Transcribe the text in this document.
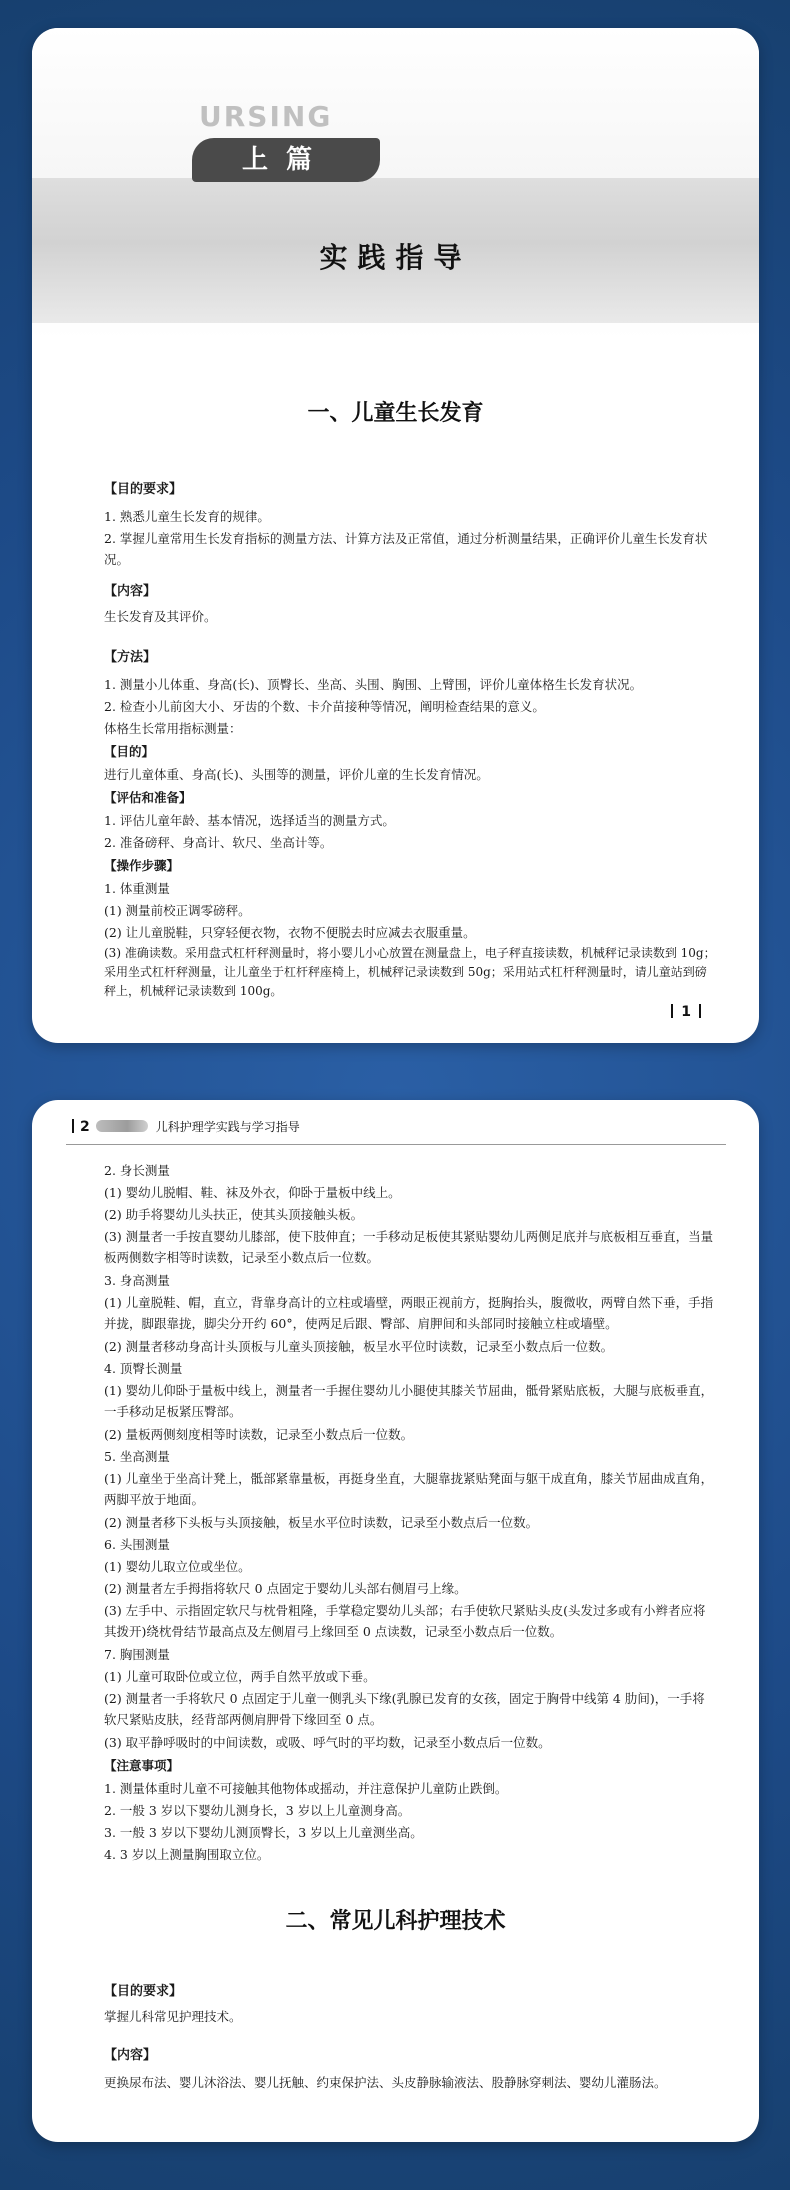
URSING
上篇
实践指导
一、儿童生长发育
【目的要求】
1. 熟悉儿童生长发育的规律。
2. 掌握儿童常用生长发育指标的测量方法、计算方法及正常值，通过分析测量结果，正确评价儿童生长发育状况。
【内容】
生长发育及其评价。
【方法】
1. 测量小儿体重、身高(长)、顶臀长、坐高、头围、胸围、上臂围，评价儿童体格生长发育状况。
2. 检查小儿前囟大小、牙齿的个数、卡介苗接种等情况，阐明检查结果的意义。
体格生长常用指标测量：
【目的】
进行儿童体重、身高(长)、头围等的测量，评价儿童的生长发育情况。
【评估和准备】
1. 评估儿童年龄、基本情况，选择适当的测量方式。
2. 准备磅秤、身高计、软尺、坐高计等。
【操作步骤】
1. 体重测量
(1) 测量前校正调零磅秤。
(2) 让儿童脱鞋，只穿轻便衣物，衣物不便脱去时应减去衣服重量。
(3) 准确读数。采用盘式杠杆秤测量时，将小婴儿小心放置在测量盘上，电子秤直接读数，机械秤记录读数到 10g；采用坐式杠杆秤测量，让儿童坐于杠杆秤座椅上，机械秤记录读数到 50g；采用站式杠杆秤测量时，请儿童站到磅秤上，机械秤记录读数到 100g。
1
2	儿科护理学实践与学习指导
2. 身长测量
(1) 婴幼儿脱帽、鞋、袜及外衣，仰卧于量板中线上。
(2) 助手将婴幼儿头扶正，使其头顶接触头板。
(3) 测量者一手按直婴幼儿膝部，使下肢伸直；一手移动足板使其紧贴婴幼儿两侧足底并与底板相互垂直，当量板两侧数字相等时读数，记录至小数点后一位数。
3. 身高测量
(1) 儿童脱鞋、帽，直立，背靠身高计的立柱或墙壁，两眼正视前方，挺胸抬头，腹微收，两臂自然下垂，手指并拢，脚跟靠拢，脚尖分开约 60°，使两足后跟、臀部、肩胛间和头部同时接触立柱或墙壁。
(2) 测量者移动身高计头顶板与儿童头顶接触，板呈水平位时读数，记录至小数点后一位数。
4. 顶臀长测量
(1) 婴幼儿仰卧于量板中线上，测量者一手握住婴幼儿小腿使其膝关节屈曲，骶骨紧贴底板，大腿与底板垂直，一手移动足板紧压臀部。
(2) 量板两侧刻度相等时读数，记录至小数点后一位数。
5. 坐高测量
(1) 儿童坐于坐高计凳上，骶部紧靠量板，再挺身坐直，大腿靠拢紧贴凳面与躯干成直角，膝关节屈曲成直角，两脚平放于地面。
(2) 测量者移下头板与头顶接触，板呈水平位时读数，记录至小数点后一位数。
6. 头围测量
(1) 婴幼儿取立位或坐位。
(2) 测量者左手拇指将软尺 0 点固定于婴幼儿头部右侧眉弓上缘。
(3) 左手中、示指固定软尺与枕骨粗隆，手掌稳定婴幼儿头部；右手使软尺紧贴头皮(头发过多或有小辫者应将其拨开)绕枕骨结节最高点及左侧眉弓上缘回至 0 点读数，记录至小数点后一位数。
7. 胸围测量
(1) 儿童可取卧位或立位，两手自然平放或下垂。
(2) 测量者一手将软尺 0 点固定于儿童一侧乳头下缘(乳腺已发育的女孩，固定于胸骨中线第 4 肋间)，一手将软尺紧贴皮肤，经背部两侧肩胛骨下缘回至 0 点。
(3) 取平静呼吸时的中间读数，或吸、呼气时的平均数，记录至小数点后一位数。
【注意事项】
1. 测量体重时儿童不可接触其他物体或摇动，并注意保护儿童防止跌倒。
2. 一般 3 岁以下婴幼儿测身长，3 岁以上儿童测身高。
3. 一般 3 岁以下婴幼儿测顶臀长，3 岁以上儿童测坐高。
4. 3 岁以上测量胸围取立位。
二、常见儿科护理技术
【目的要求】
掌握儿科常见护理技术。
【内容】
更换尿布法、婴儿沐浴法、婴儿抚触、约束保护法、头皮静脉输液法、股静脉穿刺法、婴幼儿灌肠法。
